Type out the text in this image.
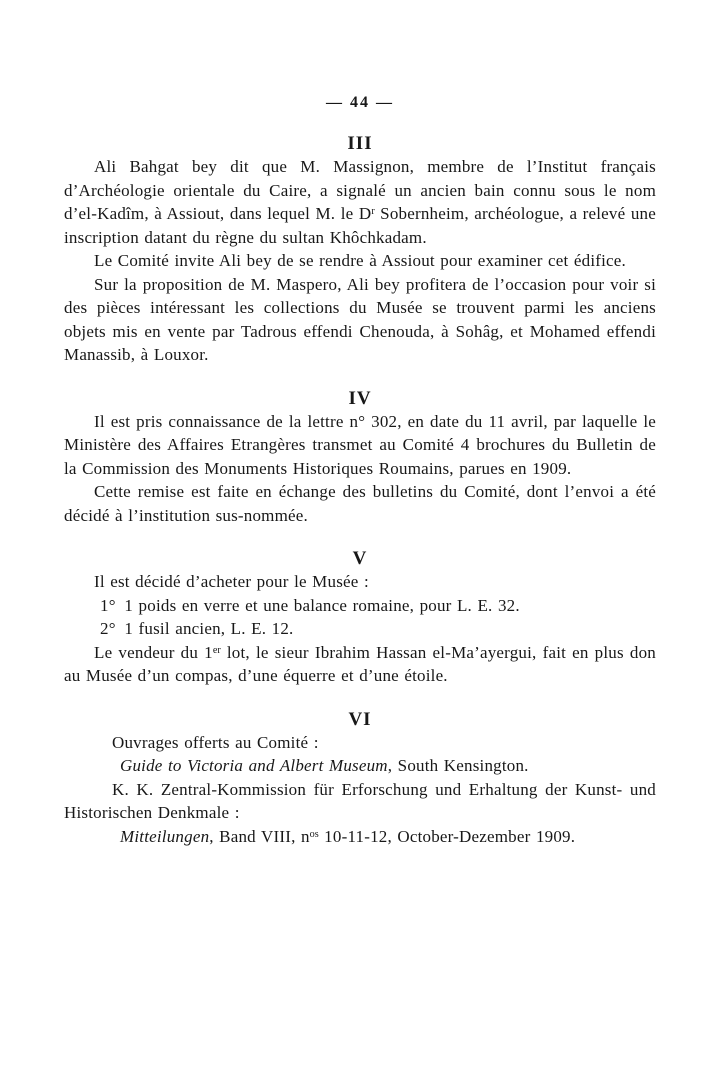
— 44 —
III

Ali Bahgat bey dit que M. Massignon, membre de l’Institut français d’Archéologie orientale du Caire, a signalé un ancien bain connu sous le nom d’el-Kadîm, à Assiout, dans lequel M. le $D^r$ Sobernheim, archéologue, a relevé une inscription datant du règne du sultan Khôchkadam.

Le Comité invite Ali bey de se rendre à Assiout pour examiner cet édifice.

Sur la proposition de M. Maspero, Ali bey profitera de l’occasion pour voir si des pièces intéressant les collections du Musée se trouvent parmi les anciens objets mis en vente par Tadrous effendi Chenouda, à Sohâg, et Mohamed effendi Manassib, à Louxor.

IV

Il est pris connaissance de la lettre n° 302, en date du 11 avril, par laquelle le Ministère des Affaires Etrangères transmet au Comité 4 brochures du Bulletin de la Commission des Monuments Historiques Roumains, parues en 1909.

Cette remise est faite en échange des bulletins du Comité, dont l’envoi a été décidé à l’institution sus-nommée.

V

Il est décidé d’acheter pour le Musée :

1° 1 poids en verre et une balance romaine, pour L. E. 32.

2° 1 fusil ancien, L. E. 12.

Le vendeur du 1er lot, le sieur Ibrahim Hassan el-Ma’ayergui, fait en plus don au Musée d’un compas, d’une équerre et d’une étoile.

VI

Ouvrages offerts au Comité :

Guide to Victoria and Albert Museum, South Kensington.

K. K. Zentral-Kommission für Erforschung und Erhaltung der Kunst- und Historischen Denkmale :

Mitteilungen, Band VIII, $n^{os}$ 10-11-12, October-Dezember 1909.
